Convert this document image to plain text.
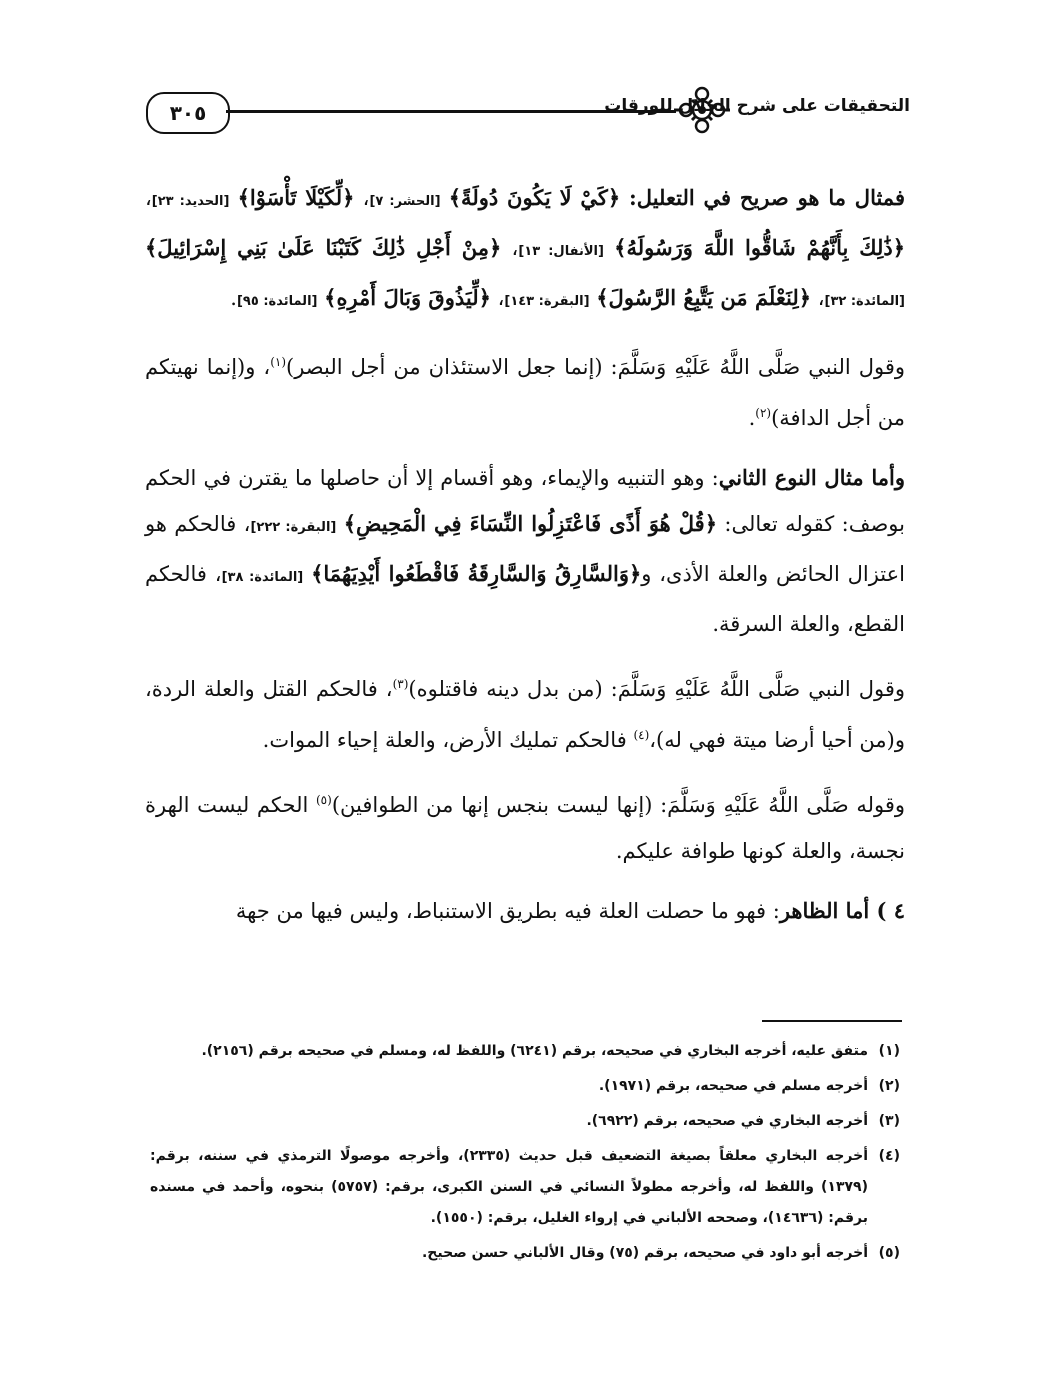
٣٠٥	التحقيقات على شرح الجلال للورقات

فمثال ما هو صريح في التعليل: ﴿كَيْ لَا يَكُونَ دُولَةً﴾ [الحشر: ٧]، ﴿لِّكَيْلَا تَأْسَوْا﴾ [الحديد: ٢٣]، ﴿ذَٰلِكَ بِأَنَّهُمْ شَاقُّوا اللَّهَ وَرَسُولَهُ﴾ [الأنفال: ١٣]، ﴿مِنْ أَجْلِ ذَٰلِكَ كَتَبْنَا عَلَىٰ بَنِي إِسْرَائِيلَ﴾ [المائدة: ٣٢]، ﴿لِنَعْلَمَ مَن يَتَّبِعُ الرَّسُولَ﴾ [البقرة: ١٤٣]، ﴿لِّيَذُوقَ وَبَالَ أَمْرِهِ﴾ [المائدة: ٩٥].

وقول النبي صَلَّى اللَّهُ عَلَيْهِ وَسَلَّمَ: (إنما جعل الاستئذان من أجل البصر)$^{(١)}$، و(إنما نهيتكم من أجل الدافة)$^{(٢)}$.

وأما مثال النوع الثاني: وهو التنبيه والإيماء، وهو أقسام إلا أن حاصلها ما يقترن في الحكم بوصف: كقوله تعالى: ﴿قُلْ هُوَ أَذًى فَاعْتَزِلُوا النِّسَاءَ فِي الْمَحِيضِ﴾ [البقرة: ٢٢٢]، فالحكم هو اعتزال الحائض والعلة الأذى، و﴿وَالسَّارِقُ وَالسَّارِقَةُ فَاقْطَعُوا أَيْدِيَهُمَا﴾ [المائدة: ٣٨]، فالحكم القطع، والعلة السرقة.

وقول النبي صَلَّى اللَّهُ عَلَيْهِ وَسَلَّمَ: (من بدل دينه فاقتلوه)$^{(٣)}$، فالحكم القتل والعلة الردة، و(من أحيا أرضا ميتة فهي له)،$^{(٤)}$ فالحكم تمليك الأرض، والعلة إحياء الموات.

وقوله صَلَّى اللَّهُ عَلَيْهِ وَسَلَّمَ: (إنها ليست بنجس إنها من الطوافين)$^{(٥)}$ الحكم ليست الهرة نجسة، والعلة كونها طوافة عليكم.

٤ ) أما الظاهر: فهو ما حصلت العلة فيه بطريق الاستنباط، وليس فيها من جهة

(١)
متفق عليه، أخرجه البخاري في صحيحه، برقم (٦٢٤١) واللفظ له، ومسلم في صحيحه برقم (٢١٥٦).
(٢)
أخرجه مسلم في صحيحه، برقم (١٩٧١).
(٣)
أخرجه البخاري في صحيحه، برقم (٦٩٢٢).
(٤)
أخرجه البخاري معلقاً بصيغة التضعيف قبل حديث (٢٣٣٥)، وأخرجه موصولًا الترمذي في سننه، برقم: (١٣٧٩) واللفظ له، وأخرجه مطولاً النسائي في السنن الكبرى، برقم: (٥٧٥٧) بنحوه، وأحمد في مسنده برقم: (١٤٦٣٦)، وصححه الألباني في إرواء الغليل، برقم: (١٥٥٠).
(٥)
أخرجه أبو داود في صحيحه، برقم (٧٥) وقال الألباني حسن صحيح.
